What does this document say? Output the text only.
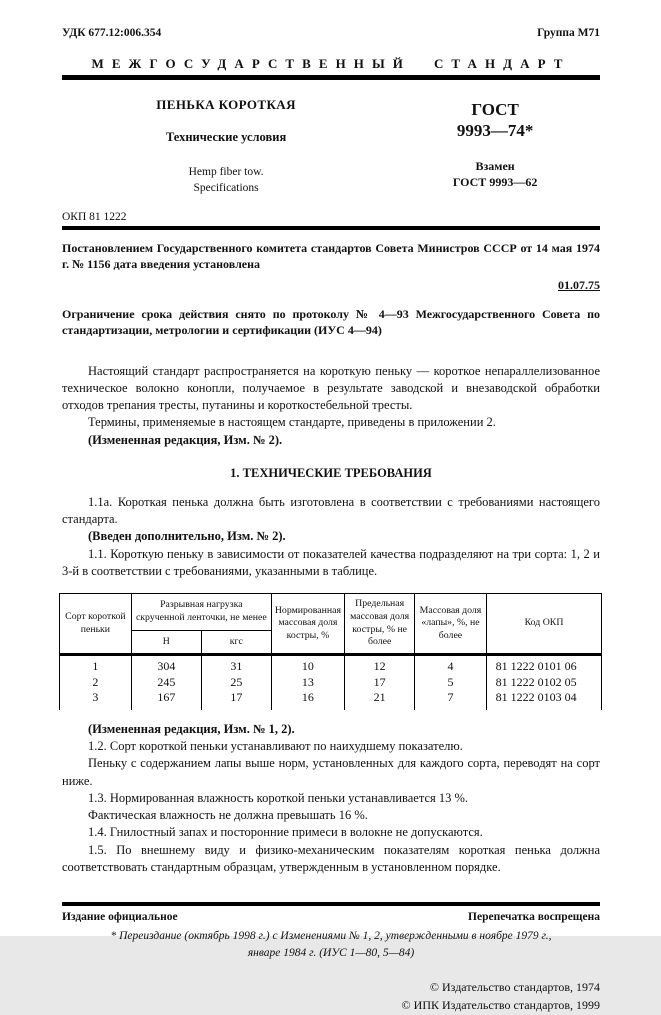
УДК 677.12:006.354	Группа М71
МЕЖГОСУДАРСТВЕННЫЙ СТАНДАРТ
ПЕНЬКА КОРОТКАЯ
Технические условия
Hemp fiber tow.
Specifications
ГОСТ
9993—74*
Взамен
ГОСТ 9993—62
ОКП 81 1222
Постановлением Государственного комитета стандартов Совета Министров СССР от 14 мая 1974 г. № 1156 дата введения установлена
01.07.75
Ограничение срока действия снято по протоколу № 4—93 Межгосударственного Совета по стандартизации, метрологии и сертификации (ИУС 4—94)

Настоящий стандарт распространяется на короткую пеньку — короткое непараллелизованное техническое волокно конопли, получаемое в результате заводской и внезаводской обработки отходов трепания тресты, путанины и короткостебельной тресты.

Термины, применяемые в настоящем стандарте, приведены в приложении 2.

(Измененная редакция, Изм. № 2).

1. ТЕХНИЧЕСКИЕ ТРЕБОВАНИЯ

1.1а. Короткая пенька должна быть изготовлена в соответствии с требованиями настоящего стандарта.

(Введен дополнительно, Изм. № 2).

1.1. Короткую пеньку в зависимости от показателей качества подразделяют на три сорта: 1, 2 и 3-й в соответствии с требованиями, указанными в таблице.

Сорт короткой пеньки	Разрывная нагрузка скрученной ленточки, не менее		Нормированная массовая доля костры, %	Предельная массовая доля костры, % не более	Массовая доля «лапы», %, не более	Код ОКП
	Н	кгс				
1	304	31	10	12	4	81 1222 0101 06
2	245	25	13	17	5	81 1222 0102 05
3	167	17	16	21	7	81 1222 0103 04

(Измененная редакция, Изм. № 1, 2).

1.2. Сорт короткой пеньки устанавливают по наихудшему показателю.

Пеньку с содержанием лапы выше норм, установленных для каждого сорта, переводят на сорт ниже.

1.3. Нормированная влажность короткой пеньки устанавливается 13 %.

Фактическая влажность не должна превышать 16 %.

1.4. Гнилостный запах и посторонние примеси в волокне не допускаются.

1.5. По внешнему виду и физико-механическим показателям короткая пенька должна соответствовать стандартным образцам, утвержденным в установленном порядке.

Издание официальное	Перепечатка воспрещена
* Переиздание (октябрь 1998 г.) с Изменениями № 1, 2, утвержденными в ноябре 1979 г.,
январе 1984 г. (ИУС 1—80, 5—84)
© Издательство стандартов, 1974
© ИПК Издательство стандартов, 1999
